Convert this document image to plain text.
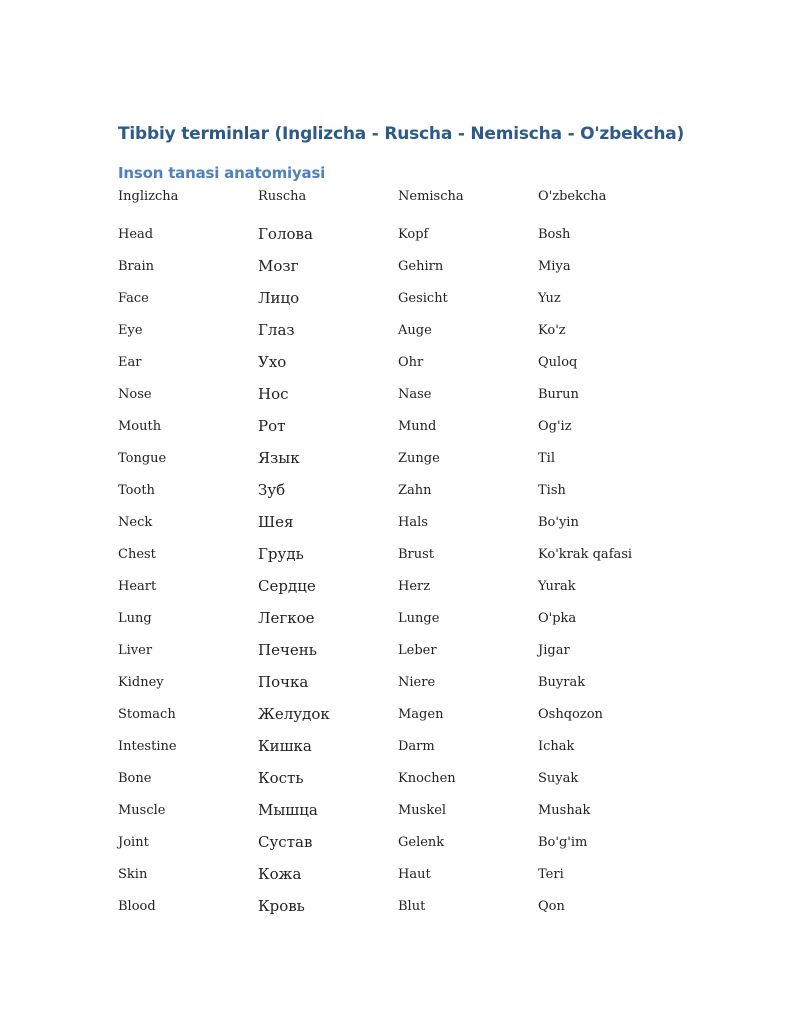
Tibbiy terminlar (Inglizcha - Ruscha - Nemischa - O'zbekcha)
Inson tanasi anatomiyasi
Inglizcha	Ruscha	Nemischa	O'zbekcha
Head	Голова	Kopf	Bosh
Brain	Мозг	Gehirn	Miya
Face	Лицо	Gesicht	Yuz
Eye	Глаз	Auge	Ko'z
Ear	Ухо	Ohr	Quloq
Nose	Нос	Nase	Burun
Mouth	Рот	Mund	Og'iz
Tongue	Язык	Zunge	Til
Tooth	Зуб	Zahn	Tish
Neck	Шея	Hals	Bo'yin
Chest	Грудь	Brust	Ko'krak qafasi
Heart	Сердце	Herz	Yurak
Lung	Легкое	Lunge	O'pka
Liver	Печень	Leber	Jigar
Kidney	Почка	Niere	Buyrak
Stomach	Желудок	Magen	Oshqozon
Intestine	Кишка	Darm	Ichak
Bone	Кость	Knochen	Suyak
Muscle	Мышца	Muskel	Mushak
Joint	Сустав	Gelenk	Bo'g'im
Skin	Кожа	Haut	Teri
Blood	Кровь	Blut	Qon
